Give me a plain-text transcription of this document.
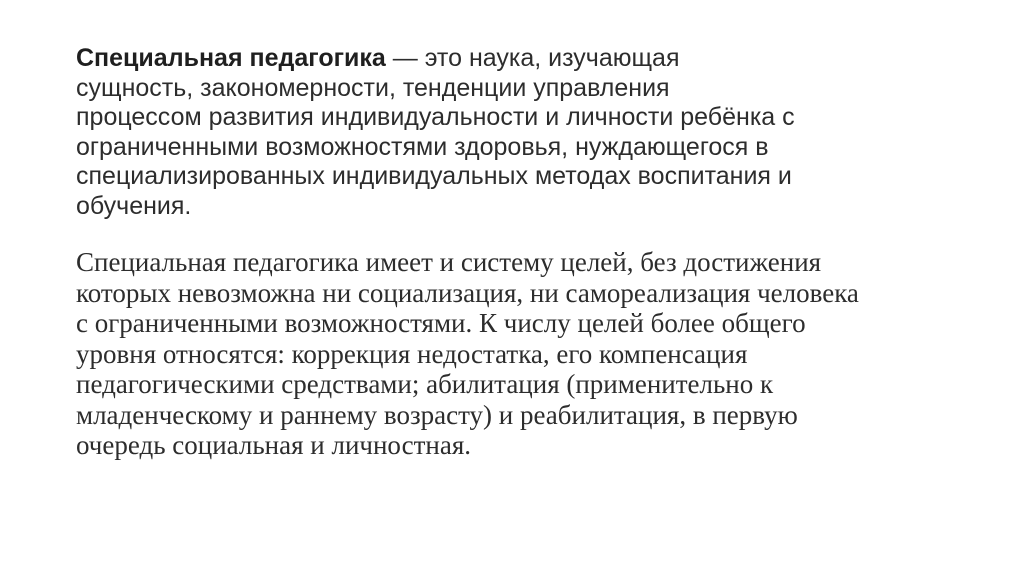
Специальная педагогика — это наука, изучающая
сущность, закономерности, тенденции управления
процессом развития индивидуальности и личности ребёнка с
ограниченными возможностями здоровья, нуждающегося в
специализированных индивидуальных методах воспитания и
обучения.

Специальная педагогика имеет и систему целей, без достижения
которых невозможна ни социализация, ни самореализация человека
с ограниченными возможностями. К числу целей более общего
уровня относятся: коррекция недостатка, его компенсация
педагогическими средствами; абилитация (применительно к
младенческому и раннему возрасту) и реабилитация, в первую
очередь социальная и личностная.
